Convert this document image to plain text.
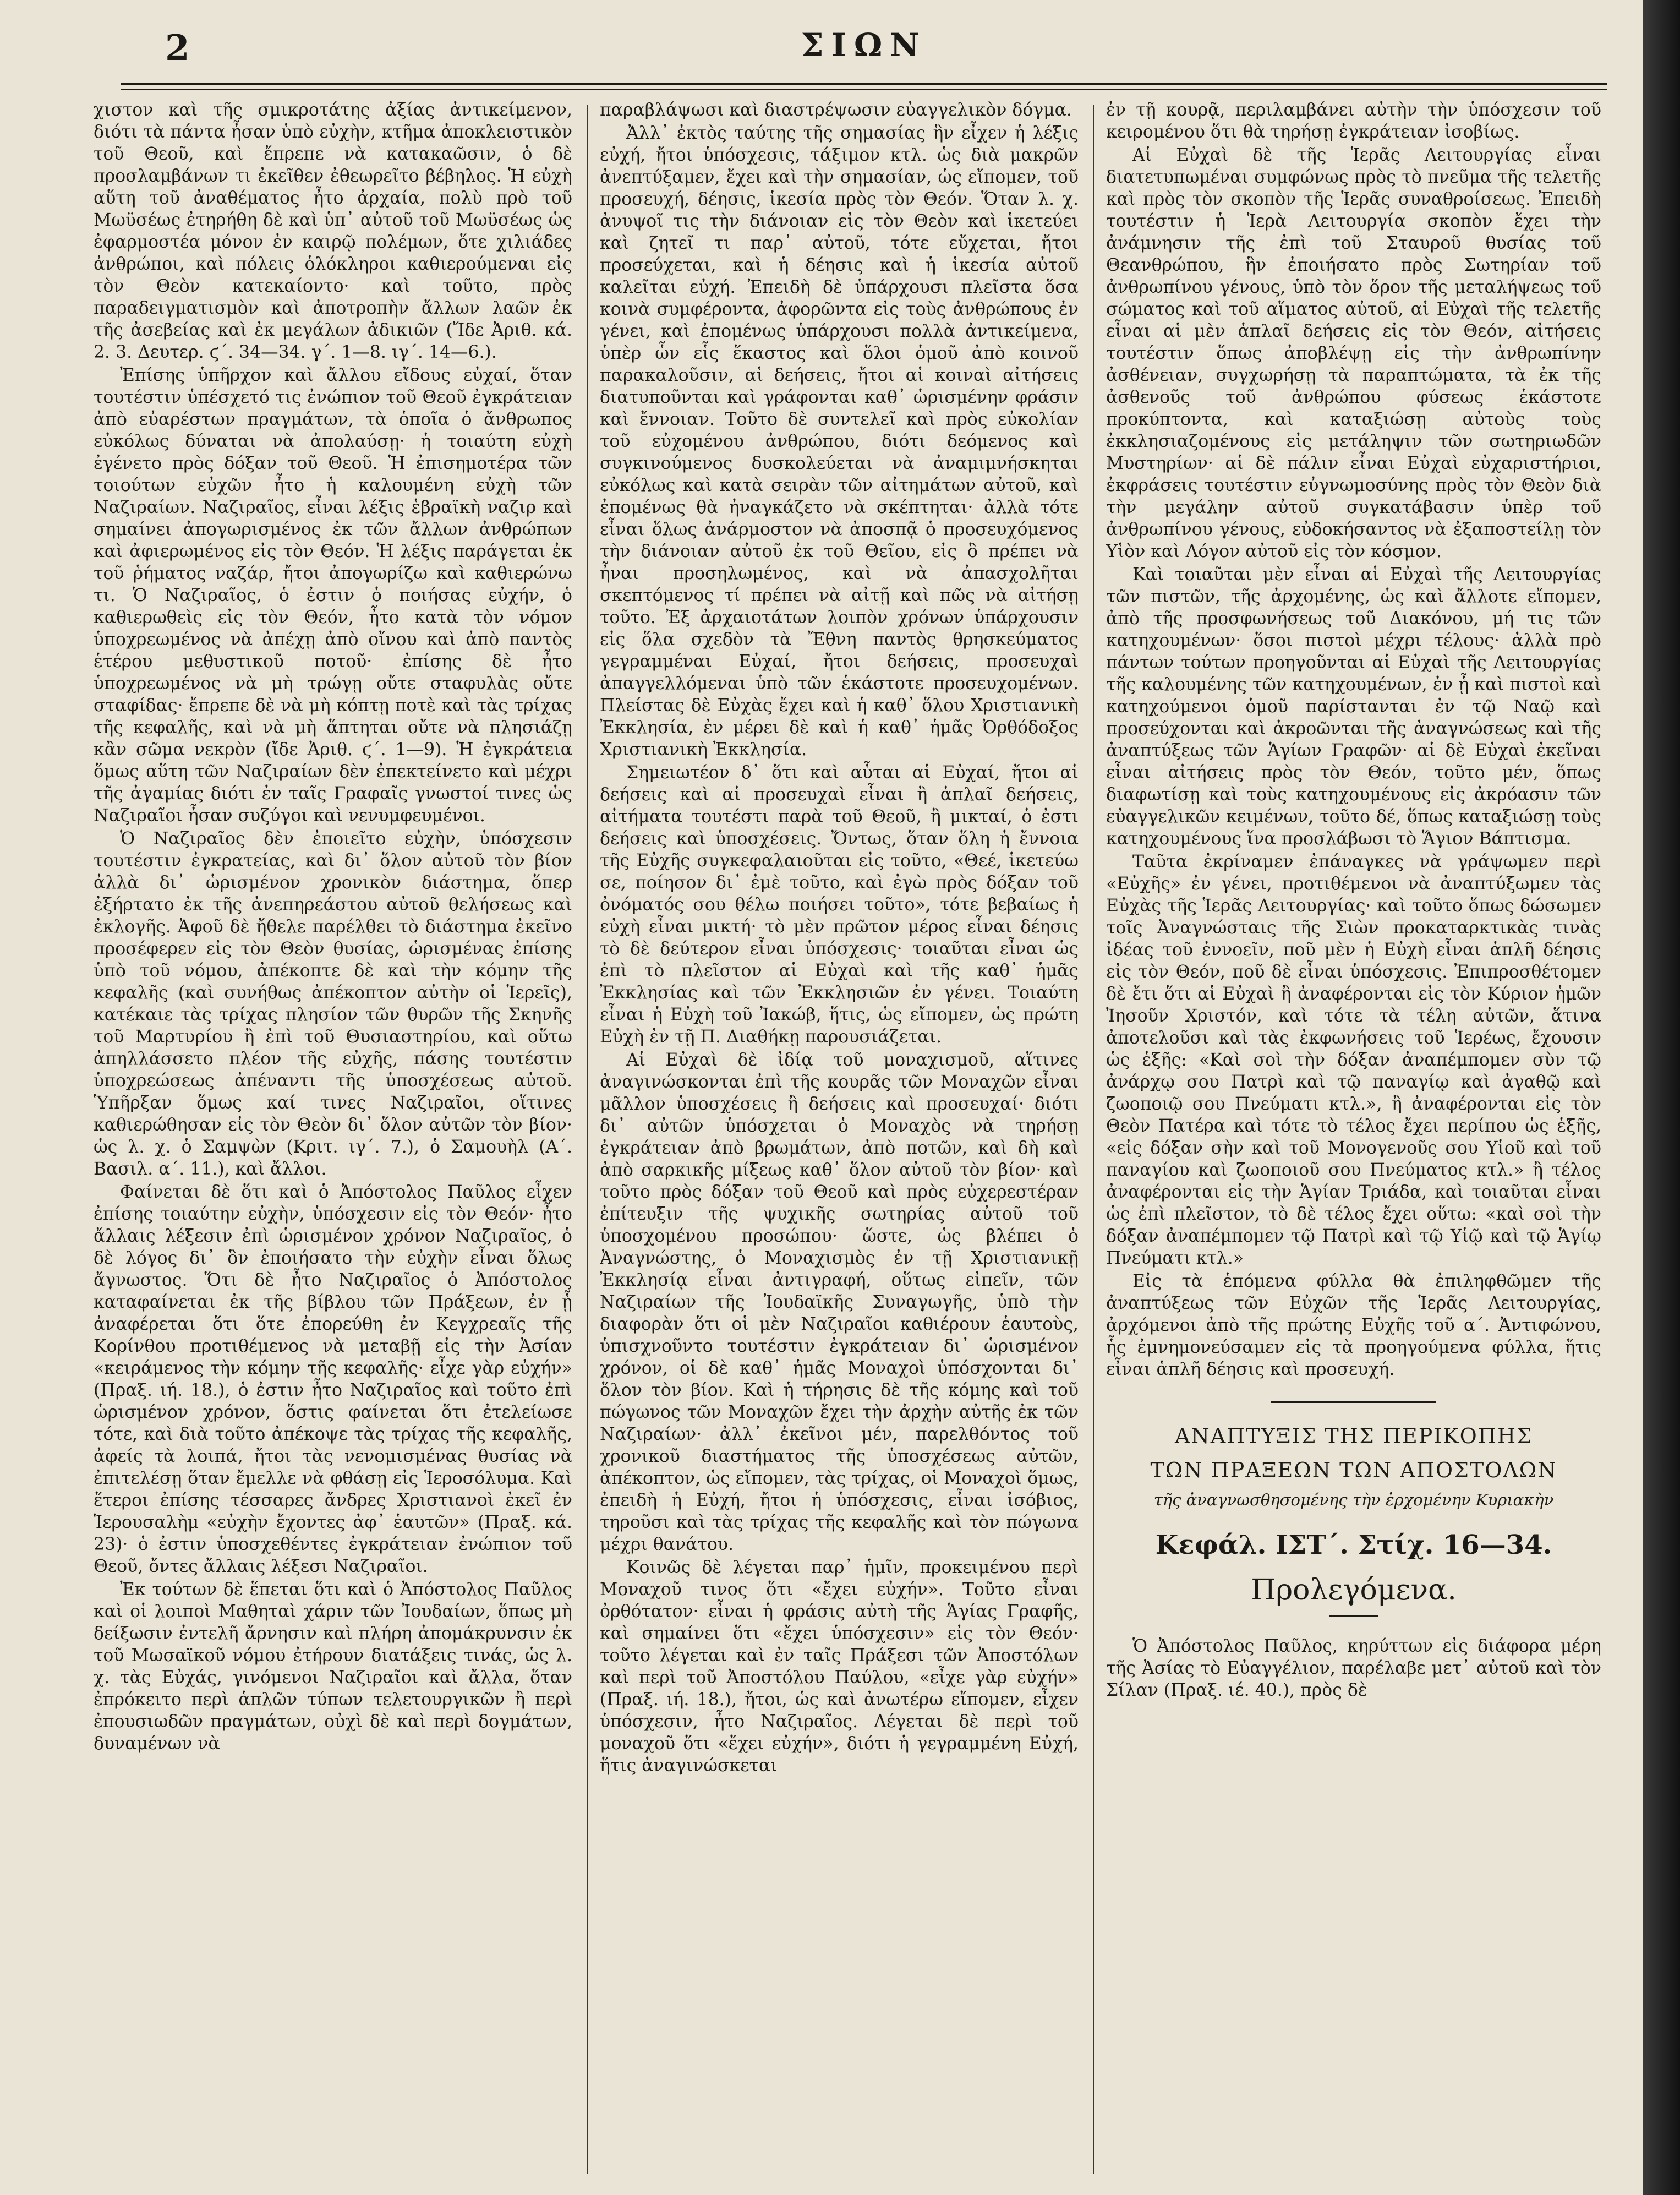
2	ΣΙΩΝ

χιστον καὶ τῆς σμικροτάτης ἀξίας ἀντικείμενον, διότι τὰ πάντα ἦσαν ὑπὸ εὐχὴν, κτῆμα ἀποκλειστικὸν τοῦ Θεοῦ, καὶ ἔπρεπε νὰ κατακαῶσιν, ὁ δὲ προσλαμβάνων τι ἐκεῖθεν ἐθεωρεῖτο βέβηλος. Ἡ εὐχὴ αὕτη τοῦ ἀναθέματος ἦτο ἀρχαία, πολὺ πρὸ τοῦ Μωϋσέως ἐτηρήθη δὲ καὶ ὑπ᾿ αὐτοῦ τοῦ Μωϋσέως ὡς ἐφαρμοστέα μόνον ἐν καιρῷ πολέμων, ὅτε χιλιάδες ἀνθρώποι, καὶ πόλεις ὁλόκληροι καθιερούμεναι εἰς τὸν Θεὸν κατεκαίοντο· καὶ τοῦτο, πρὸς παραδειγματισμὸν καὶ ἀποτροπὴν ἄλλων λαῶν ἐκ τῆς ἀσεβείας καὶ ἐκ μεγάλων ἀδικιῶν (Ἴδε Ἀριθ. κά. 2. 3. Δευτερ. ϛ΄. 34—34. γ΄. 1—8. ιγ΄. 14—6.).

Ἐπίσης ὑπῆρχον καὶ ἄλλου εἴδους εὐχαί, ὅταν τουτέστιν ὑπέσχετό τις ἐνώπιον τοῦ Θεοῦ ἐγκράτειαν ἀπὸ εὐαρέστων πραγμάτων, τὰ ὁποῖα ὁ ἄνθρωπος εὐκόλως δύναται νὰ ἀπολαύσῃ· ἡ τοιαύτη εὐχὴ ἐγένετο πρὸς δόξαν τοῦ Θεοῦ. Ἡ ἐπισημοτέρα τῶν τοιούτων εὐχῶν ἦτο ἡ καλουμένη εὐχὴ τῶν Ναζιραίων. Ναζιραῖος, εἶναι λέξις ἑβραϊκὴ ναζιρ καὶ σημαίνει ἀπογωρισμένος ἐκ τῶν ἄλλων ἀνθρώπων καὶ ἀφιερωμένος εἰς τὸν Θεόν. Ἡ λέξις παράγεται ἐκ τοῦ ῥήματος ναζάρ, ἤτοι ἀπογωρίζω καὶ καθιερώνω τι. Ὁ Ναζιραῖος, ὁ ἐστιν ὁ ποιήσας εὐχήν, ὁ καθιερωθεὶς εἰς τὸν Θεόν, ἦτο κατὰ τὸν νόμον ὑποχρεωμένος νὰ ἀπέχῃ ἀπὸ οἴνου καὶ ἀπὸ παντὸς ἑτέρου μεθυστικοῦ ποτοῦ· ἐπίσης δὲ ἦτο ὑποχρεωμένος νὰ μὴ τρώγῃ οὔτε σταφυλὰς οὔτε σταφίδας· ἔπρεπε δὲ νὰ μὴ κόπτῃ ποτὲ καὶ τὰς τρίχας τῆς κεφαλῆς, καὶ νὰ μὴ ἅπτηται οὔτε νὰ πλησιάζῃ κἂν σῶμα νεκρὸν (ἴδε Ἀριθ. ϛ΄. 1—9). Ἡ ἐγκράτεια ὅμως αὕτη τῶν Ναζιραίων δὲν ἐπεκτείνετο καὶ μέχρι τῆς ἀγαμίας διότι ἐν ταῖς Γραφαῖς γνωστοί τινες ὡς Ναζιραῖοι ἦσαν συζύγοι καὶ νενυμφευμένοι.

Ὁ Ναζιραῖος δὲν ἐποιεῖτο εὐχὴν, ὑπόσχεσιν τουτέστιν ἐγκρατείας, καὶ δι᾿ ὅλον αὐτοῦ τὸν βίον ἀλλὰ δι᾿ ὡρισμένον χρονικὸν διάστημα, ὅπερ ἐξήρτατο ἐκ τῆς ἀνεπηρεάστου αὐτοῦ θελήσεως καὶ ἐκλογῆς. Ἀφοῦ δὲ ἤθελε παρέλθει τὸ διάστημα ἐκεῖνο προσέφερεν εἰς τὸν Θεὸν θυσίας, ὡρισμένας ἐπίσης ὑπὸ τοῦ νόμου, ἀπέκοπτε δὲ καὶ τὴν κόμην τῆς κεφαλῆς (καὶ συνήθως ἀπέκοπτον αὐτὴν οἱ Ἱερεῖς), κατέκαιε τὰς τρίχας πλησίον τῶν θυρῶν τῆς Σκηνῆς τοῦ Μαρτυρίου ἢ ἐπὶ τοῦ Θυσιαστηρίου, καὶ οὕτω ἀπηλλάσσετο πλέον τῆς εὐχῆς, πάσης τουτέστιν ὑποχρεώσεως ἀπέναντι τῆς ὑποσχέσεως αὐτοῦ. Ὑπῆρξαν ὅμως καί τινες Ναζιραῖοι, οἵτινες καθιερώθησαν εἰς τὸν Θεὸν δι᾿ ὅλον αὐτῶν τὸν βίον· ὡς λ. χ. ὁ Σαμψὼν (Κριτ. ιγ΄. 7.), ὁ Σαμουὴλ (Α΄. Βασιλ. α΄. 11.), καὶ ἄλλοι.

Φαίνεται δὲ ὅτι καὶ ὁ Ἀπόστολος Παῦλος εἶχεν ἐπίσης τοιαύτην εὐχὴν, ὑπόσχεσιν εἰς τὸν Θεόν· ἦτο ἄλλαις λέξεσιν ἐπὶ ὡρισμένον χρόνον Ναζιραῖος, ὁ δὲ λόγος δι᾿ ὃν ἐποιήσατο τὴν εὐχὴν εἶναι ὅλως ἄγνωστος. Ὅτι δὲ ἦτο Ναζιραῖος ὁ Ἀπόστολος καταφαίνεται ἐκ τῆς βίβλου τῶν Πράξεων, ἐν ᾗ ἀναφέρεται ὅτι ὅτε ἐπορεύθη ἐν Κεγχρεαῖς τῆς Κορίνθου προτιθέμενος νὰ μεταβῇ εἰς τὴν Ἀσίαν «κειράμενος τὴν κόμην τῆς κεφαλῆς· εἶχε γὰρ εὐχήν» (Πραξ. ιή. 18.), ὁ ἐστιν ἦτο Ναζιραῖος καὶ τοῦτο ἐπὶ ὡρισμένον χρόνον, ὅστις φαίνεται ὅτι ἐτελείωσε τότε, καὶ διὰ τοῦτο ἀπέκοψε τὰς τρίχας τῆς κεφαλῆς, ἀφείς τὰ λοιπά, ἤτοι τὰς νενομισμένας θυσίας νὰ ἐπιτελέσῃ ὅταν ἔμελλε νὰ φθάσῃ εἰς Ἱεροσόλυμα. Καὶ ἕτεροι ἐπίσης τέσσαρες ἄνδρες Χριστιανοὶ ἐκεῖ ἐν Ἱερουσαλὴμ «εὐχὴν ἔχοντες ἀφ᾿ ἑαυτῶν» (Πραξ. κά. 23)· ὁ ἐστιν ὑποσχεθέντες ἐγκράτειαν ἐνώπιον τοῦ Θεοῦ, ὄντες ἄλλαις λέξεσι Ναζιραῖοι.

Ἐκ τούτων δὲ ἕπεται ὅτι καὶ ὁ Ἀπόστολος Παῦλος καὶ οἱ λοιποὶ Μαθηταὶ χάριν τῶν Ἰουδαίων, ὅπως μὴ δείξωσιν ἐντελῆ ἄρνησιν καὶ πλήρη ἀπομάκρυνσιν ἐκ τοῦ Μωσαϊκοῦ νόμου ἐτήρουν διατάξεις τινάς, ὡς λ. χ. τὰς Εὐχάς, γινόμενοι Ναζιραῖοι καὶ ἄλλα, ὅταν ἐπρόκειτο περὶ ἁπλῶν τύπων τελετουργικῶν ἢ περὶ ἐπουσιωδῶν πραγμάτων, οὐχὶ δὲ καὶ περὶ δογμάτων, δυναμένων νὰ

παραβλάψωσι καὶ διαστρέψωσιν εὐαγγελικὸν δόγμα.

Ἀλλ᾿ ἐκτὸς ταύτης τῆς σημασίας ἣν εἶχεν ἡ λέξις εὐχή, ἤτοι ὑπόσχεσις, τάξιμον κτλ. ὡς διὰ μακρῶν ἀνεπτύξαμεν, ἔχει καὶ τὴν σημασίαν, ὡς εἴπομεν, τοῦ προσευχή, δέησις, ἱκεσία πρὸς τὸν Θεόν. Ὅταν λ. χ. ἀνυψοῖ τις τὴν διάνοιαν εἰς τὸν Θεὸν καὶ ἱκετεύει καὶ ζητεῖ τι παρ᾿ αὐτοῦ, τότε εὔχεται, ἤτοι προσεύχεται, καὶ ἡ δέησις καὶ ἡ ἱκεσία αὐτοῦ καλεῖται εὐχή. Ἐπειδὴ δὲ ὑπάρχουσι πλεῖστα ὅσα κοινὰ συμφέροντα, ἀφορῶντα εἰς τοὺς ἀνθρώπους ἐν γένει, καὶ ἐπομένως ὑπάρχουσι πολλὰ ἀντικείμενα, ὑπὲρ ὧν εἷς ἕκαστος καὶ ὅλοι ὁμοῦ ἀπὸ κοινοῦ παρακαλοῦσιν, αἱ δεήσεις, ἤτοι αἱ κοιναὶ αἰτήσεις διατυποῦνται καὶ γράφονται καθ᾿ ὡρισμένην φράσιν καὶ ἔννοιαν. Τοῦτο δὲ συντελεῖ καὶ πρὸς εὐκολίαν τοῦ εὐχομένου ἀνθρώπου, διότι δεόμενος καὶ συγκινούμενος δυσκολεύεται νὰ ἀναμιμνήσκηται εὐκόλως καὶ κατὰ σειρὰν τῶν αἰτημάτων αὐτοῦ, καὶ ἐπομένως θὰ ἠναγκάζετο νὰ σκέπτηται· ἀλλὰ τότε εἶναι ὅλως ἀνάρμοστον νὰ ἀποσπᾷ ὁ προσευχόμενος τὴν διάνοιαν αὐτοῦ ἐκ τοῦ Θεῖου, εἰς ὃ πρέπει νὰ ἦναι προσηλωμένος, καὶ νὰ ἀπασχολῆται σκεπτόμενος τί πρέπει νὰ αἰτῇ καὶ πῶς νὰ αἰτήσῃ τοῦτο. Ἐξ ἀρχαιοτάτων λοιπὸν χρόνων ὑπάρχουσιν εἰς ὅλα σχεδὸν τὰ Ἔθνη παντὸς θρησκεύματος γεγραμμέναι Εὐχαί, ἤτοι δεήσεις, προσευχαὶ ἀπαγγελλόμεναι ὑπὸ τῶν ἑκάστοτε προσευχομένων. Πλείστας δὲ Εὐχὰς ἔχει καὶ ἡ καθ᾿ ὅλου Χριστιανικὴ Ἐκκλησία, ἐν μέρει δὲ καὶ ἡ καθ᾿ ἡμᾶς Ὀρθόδοξος Χριστιανικὴ Ἐκκλησία.

Σημειωτέον δ᾿ ὅτι καὶ αὗται αἱ Εὐχαί, ἤτοι αἱ δεήσεις καὶ αἱ προσευχαὶ εἶναι ἢ ἁπλαῖ δεήσεις, αἰτήματα τουτέστι παρὰ τοῦ Θεοῦ, ἢ μικταί, ὁ ἐστι δεήσεις καὶ ὑποσχέσεις. Ὄντως, ὅταν ὅλη ἡ ἔννοια τῆς Εὐχῆς συγκεφαλαιοῦται εἰς τοῦτο, «Θεέ, ἱκετεύω σε, ποίησον δι᾿ ἐμὲ τοῦτο, καὶ ἐγὼ πρὸς δόξαν τοῦ ὀνόματός σου θέλω ποιήσει τοῦτο», τότε βεβαίως ἡ εὐχὴ εἶναι μικτή· τὸ μὲν πρῶτον μέρος εἶναι δέησις τὸ δὲ δεύτερον εἶναι ὑπόσχεσις· τοιαῦται εἶναι ὡς ἐπὶ τὸ πλεῖστον αἱ Εὐχαὶ καὶ τῆς καθ᾿ ἡμᾶς Ἐκκλησίας καὶ τῶν Ἐκκλησιῶν ἐν γένει. Τοιαύτη εἶναι ἡ Εὐχὴ τοῦ Ἰακώβ, ἥτις, ὡς εἴπομεν, ὡς πρώτη Εὐχὴ ἐν τῇ Π. Διαθήκῃ παρουσιάζεται.

Αἱ Εὐχαὶ δὲ ἰδίᾳ τοῦ μοναχισμοῦ, αἵτινες ἀναγινώσκονται ἐπὶ τῆς κουρᾶς τῶν Μοναχῶν εἶναι μᾶλλον ὑποσχέσεις ἢ δεήσεις καὶ προσευχαί· διότι δι᾿ αὐτῶν ὑπόσχεται ὁ Μοναχὸς νὰ τηρήσῃ ἐγκράτειαν ἀπὸ βρωμάτων, ἀπὸ ποτῶν, καὶ δὴ καὶ ἀπὸ σαρκικῆς μίξεως καθ᾿ ὅλον αὐτοῦ τὸν βίον· καὶ τοῦτο πρὸς δόξαν τοῦ Θεοῦ καὶ πρὸς εὐχερεστέραν ἐπίτευξιν τῆς ψυχικῆς σωτηρίας αὐτοῦ τοῦ ὑποσχομένου προσώπου· ὥστε, ὡς βλέπει ὁ Ἀναγνώστης, ὁ Μοναχισμὸς ἐν τῇ Χριστιανικῇ Ἐκκλησίᾳ εἶναι ἀντιγραφή, οὕτως εἰπεῖν, τῶν Ναζιραίων τῆς Ἰουδαϊκῆς Συναγωγῆς, ὑπὸ τὴν διαφορὰν ὅτι οἱ μὲν Ναζιραῖοι καθιέρουν ἑαυτοὺς, ὑπισχνοῦντο τουτέστιν ἐγκράτειαν δι᾿ ὡρισμένον χρόνον, οἱ δὲ καθ᾿ ἡμᾶς Μοναχοὶ ὑπόσχονται δι᾿ ὅλον τὸν βίον. Καὶ ἡ τήρησις δὲ τῆς κόμης καὶ τοῦ πώγωνος τῶν Μοναχῶν ἔχει τὴν ἀρχὴν αὐτῆς ἐκ τῶν Ναζιραίων· ἀλλ᾿ ἐκεῖνοι μέν, παρελθόντος τοῦ χρονικοῦ διαστήματος τῆς ὑποσχέσεως αὐτῶν, ἀπέκοπτον, ὡς εἴπομεν, τὰς τρίχας, οἱ Μοναχοὶ ὅμως, ἐπειδὴ ἡ Εὐχή, ἤτοι ἡ ὑπόσχεσις, εἶναι ἰσόβιος, τηροῦσι καὶ τὰς τρίχας τῆς κεφαλῆς καὶ τὸν πώγωνα μέχρι θανάτου.

Κοινῶς δὲ λέγεται παρ᾿ ἡμῖν, προκειμένου περὶ Μοναχοῦ τινος ὅτι «ἔχει εὐχήν». Τοῦτο εἶναι ὀρθότατον· εἶναι ἡ φράσις αὐτὴ τῆς Ἁγίας Γραφῆς, καὶ σημαίνει ὅτι «ἔχει ὑπόσχεσιν» εἰς τὸν Θεόν· τοῦτο λέγεται καὶ ἐν ταῖς Πράξεσι τῶν Ἀποστόλων καὶ περὶ τοῦ Ἀποστόλου Παύλου, «εἶχε γὰρ εὐχήν» (Πραξ. ιή. 18.), ἤτοι, ὡς καὶ ἀνωτέρω εἴπομεν, εἶχεν ὑπόσχεσιν, ἦτο Ναζιραῖος. Λέγεται δὲ περὶ τοῦ μοναχοῦ ὅτι «ἔχει εὐχήν», διότι ἡ γεγραμμένη Εὐχή, ἥτις ἀναγινώσκεται

ἐν τῇ κουρᾷ, περιλαμβάνει αὐτὴν τὴν ὑπόσχεσιν τοῦ κειρομένου ὅτι θὰ τηρήσῃ ἐγκράτειαν ἰσοβίως.

Αἱ Εὐχαὶ δὲ τῆς Ἱερᾶς Λειτουργίας εἶναι διατετυπωμέναι συμφώνως πρὸς τὸ πνεῦμα τῆς τελετῆς καὶ πρὸς τὸν σκοπὸν τῆς Ἱερᾶς συναθροίσεως. Ἐπειδὴ τουτέστιν ἡ Ἱερὰ Λειτουργία σκοπὸν ἔχει τὴν ἀνάμνησιν τῆς ἐπὶ τοῦ Σταυροῦ θυσίας τοῦ Θεανθρώπου, ἣν ἐποιήσατο πρὸς Σωτηρίαν τοῦ ἀνθρωπίνου γένους, ὑπὸ τὸν ὅρον τῆς μεταλήψεως τοῦ σώματος καὶ τοῦ αἵματος αὐτοῦ, αἱ Εὐχαὶ τῆς τελετῆς εἶναι αἱ μὲν ἁπλαῖ δεήσεις εἰς τὸν Θεόν, αἰτήσεις τουτέστιν ὅπως ἀποβλέψῃ εἰς τὴν ἀνθρωπίνην ἀσθένειαν, συγχωρήσῃ τὰ παραπτώματα, τὰ ἐκ τῆς ἀσθενοῦς τοῦ ἀνθρώπου φύσεως ἑκάστοτε προκύπτοντα, καὶ καταξιώσῃ αὐτοὺς τοὺς ἐκκλησιαζομένους εἰς μετάληψιν τῶν σωτηριωδῶν Μυστηρίων· αἱ δὲ πάλιν εἶναι Εὐχαὶ εὐχαριστήριοι, ἐκφράσεις τουτέστιν εὐγνωμοσύνης πρὸς τὸν Θεὸν διὰ τὴν μεγάλην αὐτοῦ συγκατάβασιν ὑπὲρ τοῦ ἀνθρωπίνου γένους, εὐδοκήσαντος νὰ ἐξαποστείλῃ τὸν Υἱὸν καὶ Λόγον αὐτοῦ εἰς τὸν κόσμον.

Καὶ τοιαῦται μὲν εἶναι αἱ Εὐχαὶ τῆς Λειτουργίας τῶν πιστῶν, τῆς ἀρχομένης, ὡς καὶ ἄλλοτε εἴπομεν, ἀπὸ τῆς προσφωνήσεως τοῦ Διακόνου, μή τις τῶν κατηχουμένων· ὅσοι πιστοὶ μέχρι τέλους· ἀλλὰ πρὸ πάντων τούτων προηγοῦνται αἱ Εὐχαὶ τῆς Λειτουργίας τῆς καλουμένης τῶν κατηχουμένων, ἐν ᾗ καὶ πιστοὶ καὶ κατηχούμενοι ὁμοῦ παρίστανται ἐν τῷ Ναῷ καὶ προσεύχονται καὶ ἀκροῶνται τῆς ἀναγνώσεως καὶ τῆς ἀναπτύξεως τῶν Ἁγίων Γραφῶν· αἱ δὲ Εὐχαὶ ἐκεῖναι εἶναι αἰτήσεις πρὸς τὸν Θεόν, τοῦτο μέν, ὅπως διαφωτίσῃ καὶ τοὺς κατηχουμένους εἰς ἀκρόασιν τῶν εὐαγγελικῶν κειμένων, τοῦτο δέ, ὅπως καταξιώσῃ τοὺς κατηχουμένους ἵνα προσλάβωσι τὸ Ἅγιον Βάπτισμα.

Ταῦτα ἐκρίναμεν ἐπάναγκες νὰ γράψωμεν περὶ «Εὐχῆς» ἐν γένει, προτιθέμενοι νὰ ἀναπτύξωμεν τὰς Εὐχὰς τῆς Ἱερᾶς Λειτουργίας· καὶ τοῦτο ὅπως δώσωμεν τοῖς Ἀναγνώσταις τῆς Σιὼν προκαταρκτικὰς τινὰς ἰδέας τοῦ ἐννοεῖν, ποῦ μὲν ἡ Εὐχὴ εἶναι ἁπλῆ δέησις εἰς τὸν Θεόν, ποῦ δὲ εἶναι ὑπόσχεσις. Ἐπιπροσθέτομεν δὲ ἔτι ὅτι αἱ Εὐχαὶ ἢ ἀναφέρονται εἰς τὸν Κύριον ἡμῶν Ἰησοῦν Χριστόν, καὶ τότε τὰ τέλη αὐτῶν, ἅτινα ἀποτελοῦσι καὶ τὰς ἐκφωνήσεις τοῦ Ἱερέως, ἔχουσιν ὡς ἑξῆς: «Καὶ σοὶ τὴν δόξαν ἀναπέμπομεν σὺν τῷ ἀνάρχῳ σου Πατρὶ καὶ τῷ παναγίῳ καὶ ἀγαθῷ καὶ ζωοποιῷ σου Πνεύματι κτλ.», ἢ ἀναφέρονται εἰς τὸν Θεὸν Πατέρα καὶ τότε τὸ τέλος ἔχει περίπου ὡς ἑξῆς, «εἰς δόξαν σὴν καὶ τοῦ Μονογενοῦς σου Υἱοῦ καὶ τοῦ παναγίου καὶ ζωοποιοῦ σου Πνεύματος κτλ.» ἢ τέλος ἀναφέρονται εἰς τὴν Ἁγίαν Τριάδα, καὶ τοιαῦται εἶναι ὡς ἐπὶ πλεῖστον, τὸ δὲ τέλος ἔχει οὕτω: «καὶ σοὶ τὴν δόξαν ἀναπέμπομεν τῷ Πατρὶ καὶ τῷ Υἱῷ καὶ τῷ Ἁγίῳ Πνεύματι κτλ.»

Εἰς τὰ ἑπόμενα φύλλα θὰ ἐπιληφθῶμεν τῆς ἀναπτύξεως τῶν Εὐχῶν τῆς Ἱερᾶς Λειτουργίας, ἀρχόμενοι ἀπὸ τῆς πρώτης Εὐχῆς τοῦ α΄. Ἀντιφώνου, ἧς ἐμνημονεύσαμεν εἰς τὰ προηγούμενα φύλλα, ἥτις εἶναι ἁπλῆ δέησις καὶ προσευχή.

ΑΝΑΠΤΥΞΙΣ ΤΗΣ ΠΕΡΙΚΟΠΗΣ

ΤΩΝ ΠΡΑΞΕΩΝ ΤΩΝ ΑΠΟΣΤΟΛΩΝ

τῆς ἀναγνωσθησομένης τὴν ἐρχομένην Κυριακὴν
Κεφάλ. ΙΣΤ΄. Στίχ. 16—34.
Προλεγόμενα.

Ὁ Ἀπόστολος Παῦλος, κηρύττων εἰς διάφορα μέρη τῆς Ἀσίας τὸ Εὐαγγέλιον, παρέλαβε μετ᾿ αὐτοῦ καὶ τὸν Σίλαν (Πραξ. ιέ. 40.), πρὸς δὲ
